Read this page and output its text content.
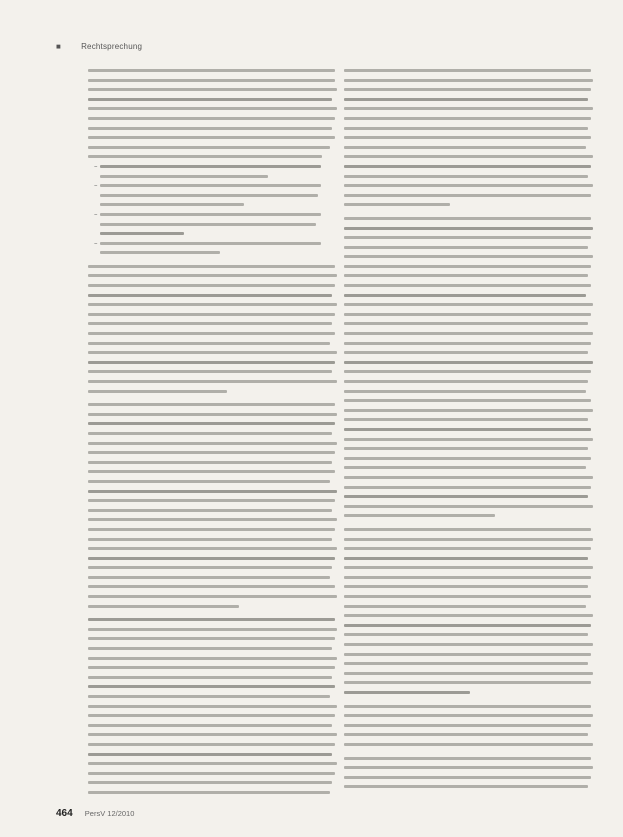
■	Rechtsprechung
–
–
–
–
464 PersV 12/2010
